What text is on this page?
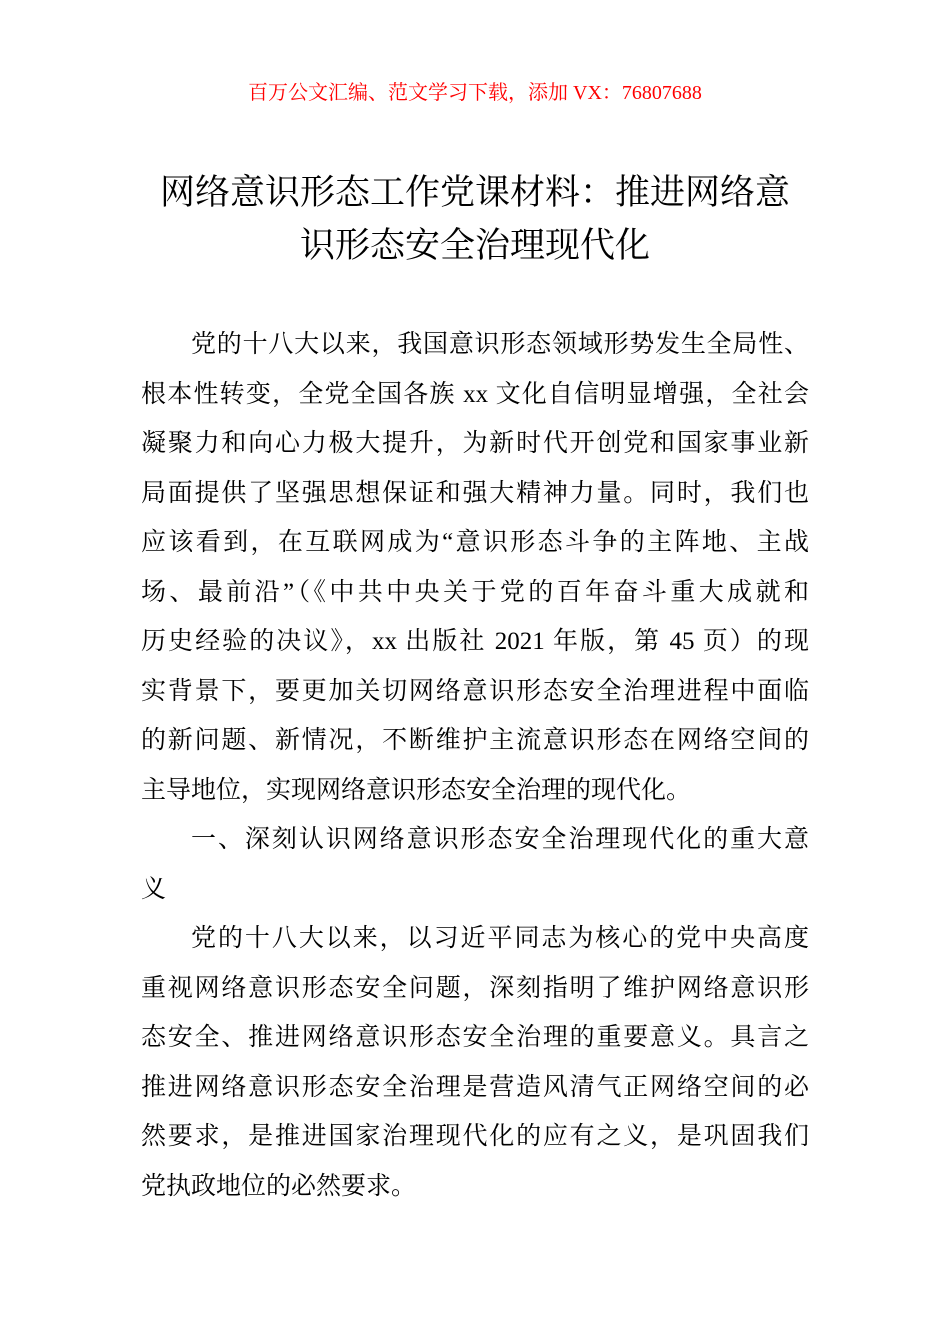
百万公文汇编、范文学习下载，添加 VX：76807688
网络意识形态工作党课材料：推进网络意
识形态安全治理现代化
党的十八大以来，我国意识形态领域形势发生全局性、
根本性转变，全党全国各族 xx 文化自信明显增强，全社会
凝聚力和向心力极大提升，为新时代开创党和国家事业新
局面提供了坚强思想保证和强大精神力量。同时，我们也
应该看到，在互联网成为“意识形态斗争的主阵地、主战
场、最前沿”（《中共中央关于党的百年奋斗重大成就和
历史经验的决议》，xx 出版社 2021 年版，第 45 页）的现
实背景下，要更加关切网络意识形态安全治理进程中面临
的新问题、新情况，不断维护主流意识形态在网络空间的
主导地位，实现网络意识形态安全治理的现代化。
一、深刻认识网络意识形态安全治理现代化的重大意
义
党的十八大以来，以习近平同志为核心的党中央高度
重视网络意识形态安全问题，深刻指明了维护网络意识形
态安全、推进网络意识形态安全治理的重要意义。具言之
推进网络意识形态安全治理是营造风清气正网络空间的必
然要求，是推进国家治理现代化的应有之义，是巩固我们
党执政地位的必然要求。
